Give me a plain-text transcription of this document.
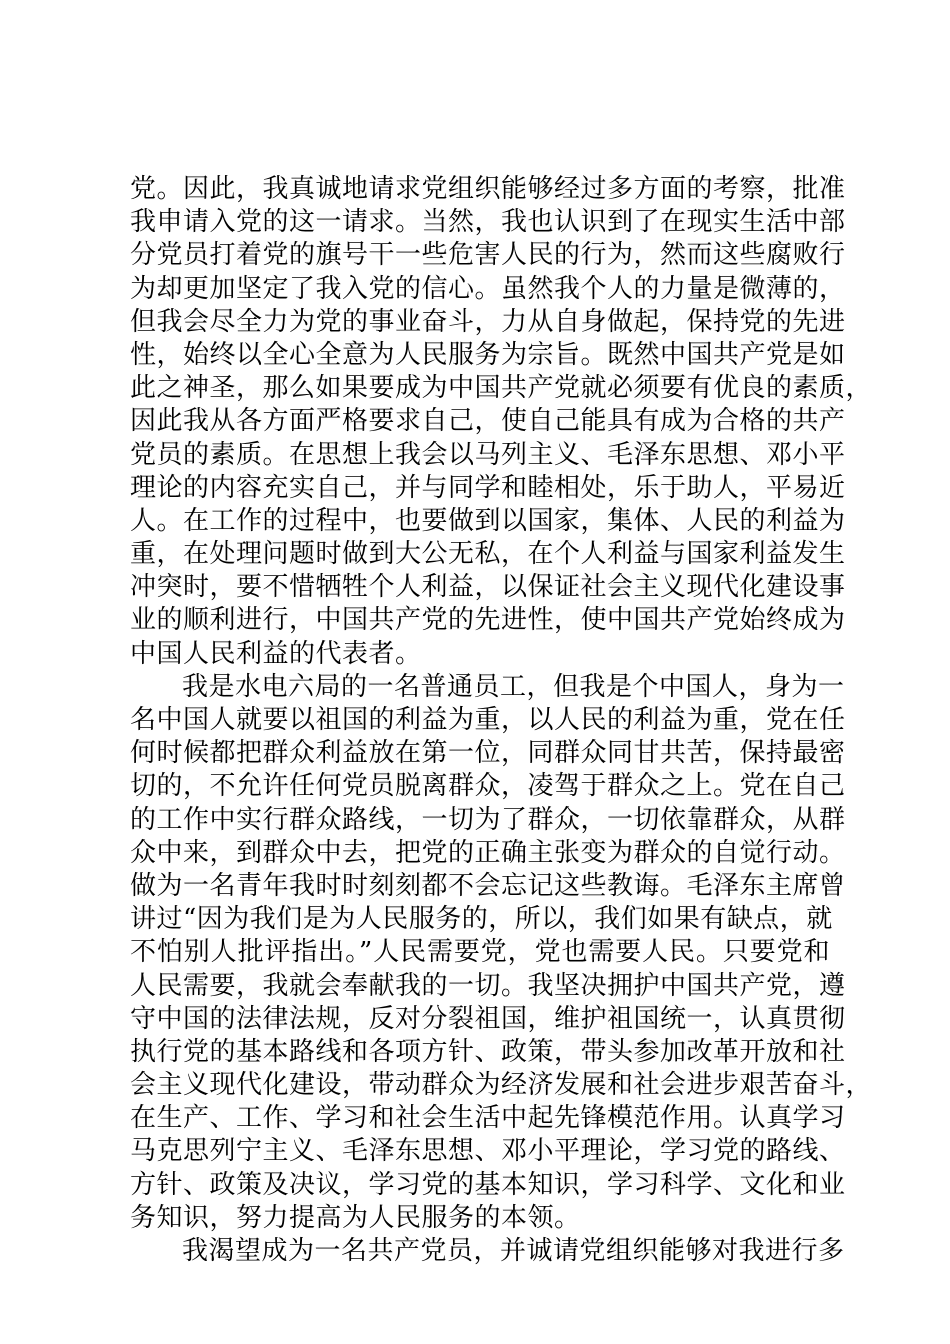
党。因此，我真诚地请求党组织能够经过多方面的考察，批准
我申请入党的这一请求。当然，我也认识到了在现实生活中部
分党员打着党的旗号干一些危害人民的行为，然而这些腐败行
为却更加坚定了我入党的信心。虽然我个人的力量是微薄的，
但我会尽全力为党的事业奋斗，力从自身做起，保持党的先进
性，始终以全心全意为人民服务为宗旨。既然中国共产党是如
此之神圣，那么如果要成为中国共产党就必须要有优良的素质，
因此我从各方面严格要求自己，使自己能具有成为合格的共产
党员的素质。在思想上我会以马列主义、毛泽东思想、邓小平
理论的内容充实自己，并与同学和睦相处，乐于助人，平易近
人。在工作的过程中，也要做到以国家，集体、人民的利益为
重，在处理问题时做到大公无私，在个人利益与国家利益发生
冲突时，要不惜牺牲个人利益，以保证社会主义现代化建设事
业的顺利进行，中国共产党的先进性，使中国共产党始终成为
中国人民利益的代表者。
我是水电六局的一名普通员工，但我是个中国人，身为一
名中国人就要以祖国的利益为重，以人民的利益为重，党在任
何时候都把群众利益放在第一位，同群众同甘共苦，保持最密
切的，不允许任何党员脱离群众，凌驾于群众之上。党在自己
的工作中实行群众路线，一切为了群众，一切依靠群众，从群
众中来，到群众中去，把党的正确主张变为群众的自觉行动。
做为一名青年我时时刻刻都不会忘记这些教诲。毛泽东主席曾
讲过“因为我们是为人民服务的，所以，我们如果有缺点，就
不怕别人批评指出。”人民需要党，党也需要人民。只要党和
人民需要，我就会奉献我的一切。我坚决拥护中国共产党，遵
守中国的法律法规，反对分裂祖国，维护祖国统一，认真贯彻
执行党的基本路线和各项方针、政策，带头参加改革开放和社
会主义现代化建设，带动群众为经济发展和社会进步艰苦奋斗，
在生产、工作、学习和社会生活中起先锋模范作用。认真学习
马克思列宁主义、毛泽东思想、邓小平理论，学习党的路线、
方针、政策及决议，学习党的基本知识，学习科学、文化和业
务知识，努力提高为人民服务的本领。
我渴望成为一名共产党员，并诚请党组织能够对我进行多
